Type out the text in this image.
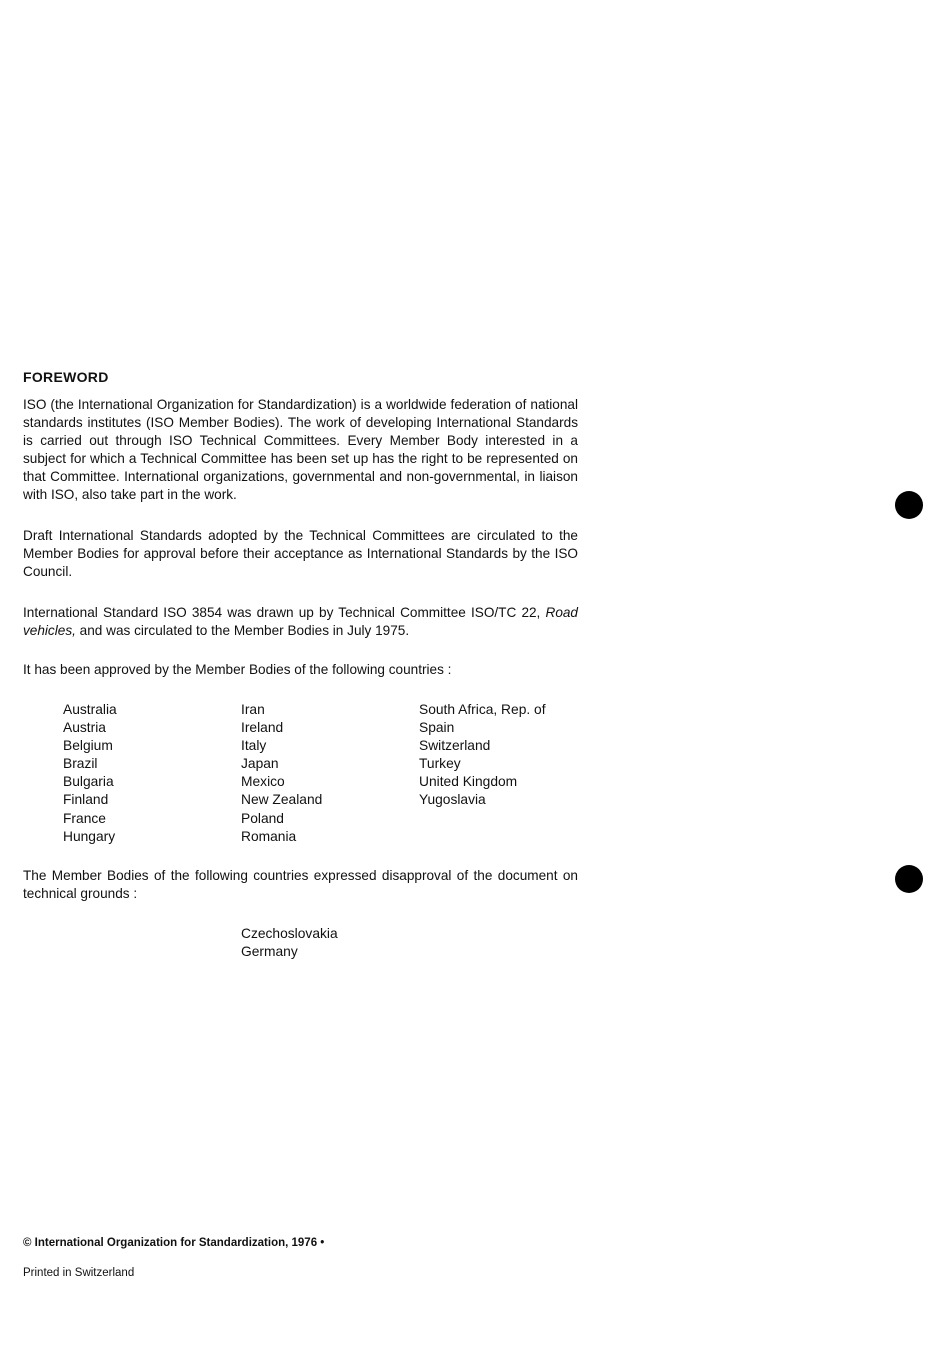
FOREWORD

ISO (the International Organization for Standardization) is a worldwide federation of national standards institutes (ISO Member Bodies). The work of developing International Standards is carried out through ISO Technical Committees. Every Member Body interested in a subject for which a Technical Committee has been set up has the right to be represented on that Committee. International organizations, governmental and non-governmental, in liaison with ISO, also take part in the work.

Draft International Standards adopted by the Technical Committees are circulated to the Member Bodies for approval before their acceptance as International Standards by the ISO Council.

International Standard ISO 3854 was drawn up by Technical Committee ISO/TC 22, Road vehicles, and was circulated to the Member Bodies in July 1975.

It has been approved by the Member Bodies of the following countries :

Australia
Austria
Belgium
Brazil
Bulgaria
Finland
France
Hungary
Iran
Ireland
Italy
Japan
Mexico
New Zealand
Poland
Romania
South Africa, Rep. of
Spain
Switzerland
Turkey
United Kingdom
Yugoslavia

The Member Bodies of the following countries expressed disapproval of the document on technical grounds :

Czechoslovakia
Germany
© International Organization for Standardization, 1976 •
Printed in Switzerland
